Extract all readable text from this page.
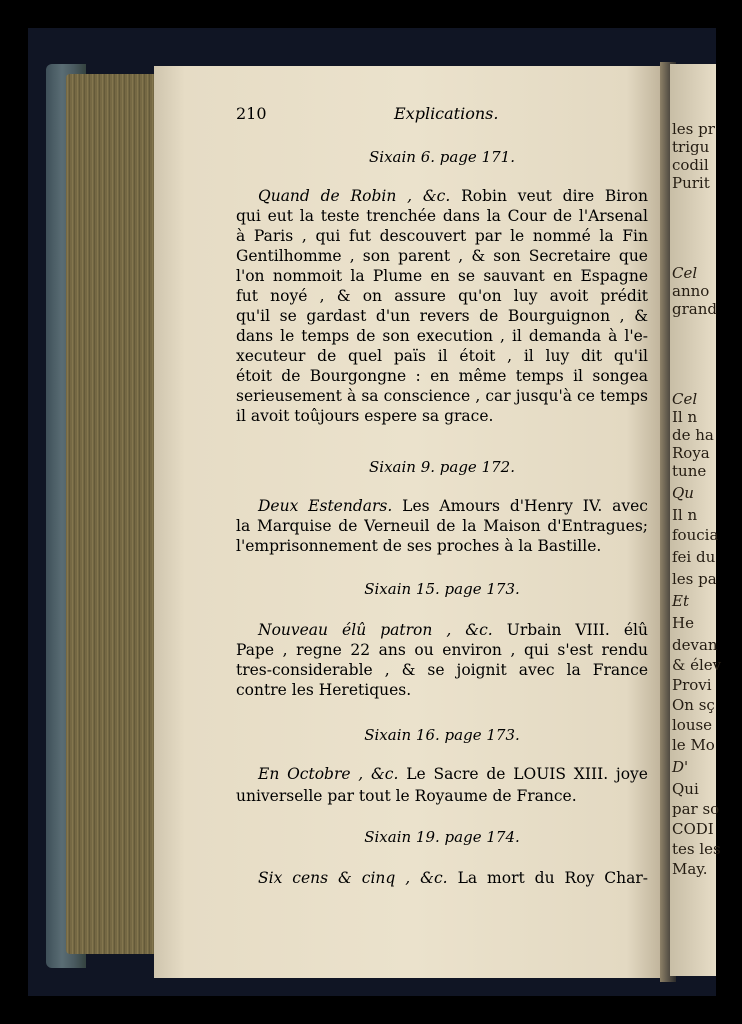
les pr
trigu
codil
Purit
Cel
anno
grand
Cel
Il n
de ha
Roya
tune
Qu
Il n
foucia
fei du
les pa
Et
He
devan
& élev
Provi
On sç
louse
le Mo
D'
Qui
par so
CODI
tes les
May.
210	Explications.
Sixain 6. page 171.
Quand de Robin , &c. Robin veut dire Biron
qui eut la teste trenchée dans la Cour de l'Arsenal
à Paris , qui fut descouvert par le nommé la Fin
Gentilhomme , son parent , & son Secretaire que
l'on nommoit la Plume en se sauvant en Espagne
fut noyé , & on assure qu'on luy avoit prédit
qu'il se gardast d'un revers de Bourguignon , &
dans le temps de son execution , il demanda à l'e-
xecuteur de quel païs il étoit , il luy dit qu'il
étoit de Bourgongne : en même temps il songea
serieusement à sa conscience , car jusqu'à ce temps
il avoit toûjours espere sa grace.
Sixain 9. page 172.
Deux Estendars. Les Amours d'Henry IV. avec
la Marquise de Verneuil de la Maison d'Entragues;
l'emprisonnement de ses proches à la Bastille.
Sixain 15. page 173.
Nouveau élû patron , &c. Urbain VIII. élû
Pape , regne 22 ans ou environ , qui s'est rendu
tres-considerable , & se joignit avec la France
contre les Heretiques.
Sixain 16. page 173.
En Octobre , &c. Le Sacre de LOUIS XIII. joye
universelle par tout le Royaume de France.
Sixain 19. page 174.
Six cens & cinq , &c. La mort du Roy Char-
